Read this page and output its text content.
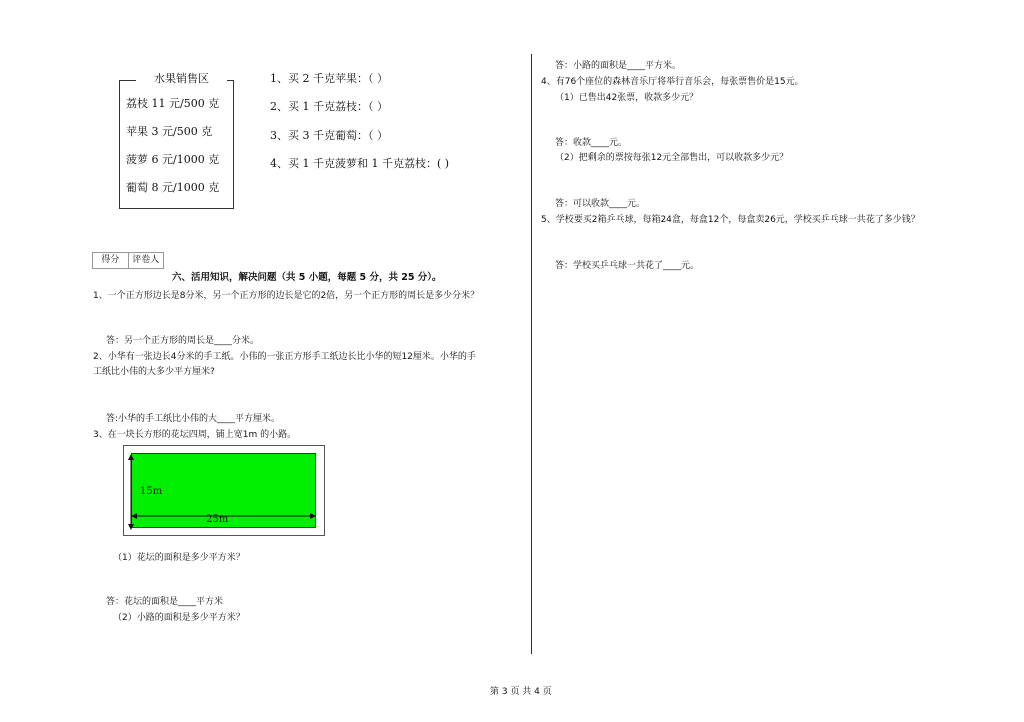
水果销售区
荔枝 11 元/500 克
苹果 3 元/500 克
菠萝 6 元/1000 克
葡萄 8 元/1000 克
1、买 2 千克苹果：（ ）
2、买 1 千克荔枝：（ ）
3、买 3 千克葡萄：（ ）
4、买 1 千克菠萝和 1 千克荔枝：( )
得分	评卷人
六、活用知识，解决问题（共 5 小题，每题 5 分，共 25 分）。
1、一个正方形边长是8分米，另一个正方形的边长是它的2倍，另一个正方形的周长是多少分米？
答：另一个正方形的周长是____分米。
2、小华有一张边长4分米的手工纸。小伟的一张正方形手工纸边长比小华的短12厘米。小华的手
工纸比小伟的大多少平方厘米?
答:小华的手工纸比小伟的大____平方厘米。
3、在一块长方形的花坛四周，铺上宽1m 的小路。
15m
25m
（1）花坛的面积是多少平方米？
答：花坛的面积是____平方米
（2）小路的面积是多少平方米？
答：小路的面积是____平方米。
4、有76个座位的森林音乐厅将举行音乐会，每张票售价是15元。
（1）已售出42张票，收款多少元？
答：收款____元。
（2）把剩余的票按每张12元全部售出，可以收款多少元？
答：可以收款____元。
5、学校要买2箱乒乓球，每箱24盒，每盒12个，每盒卖26元，学校买乒乓球一共花了多少钱？
答：学校买乒乓球一共花了____元。
第 3 页 共 4 页
